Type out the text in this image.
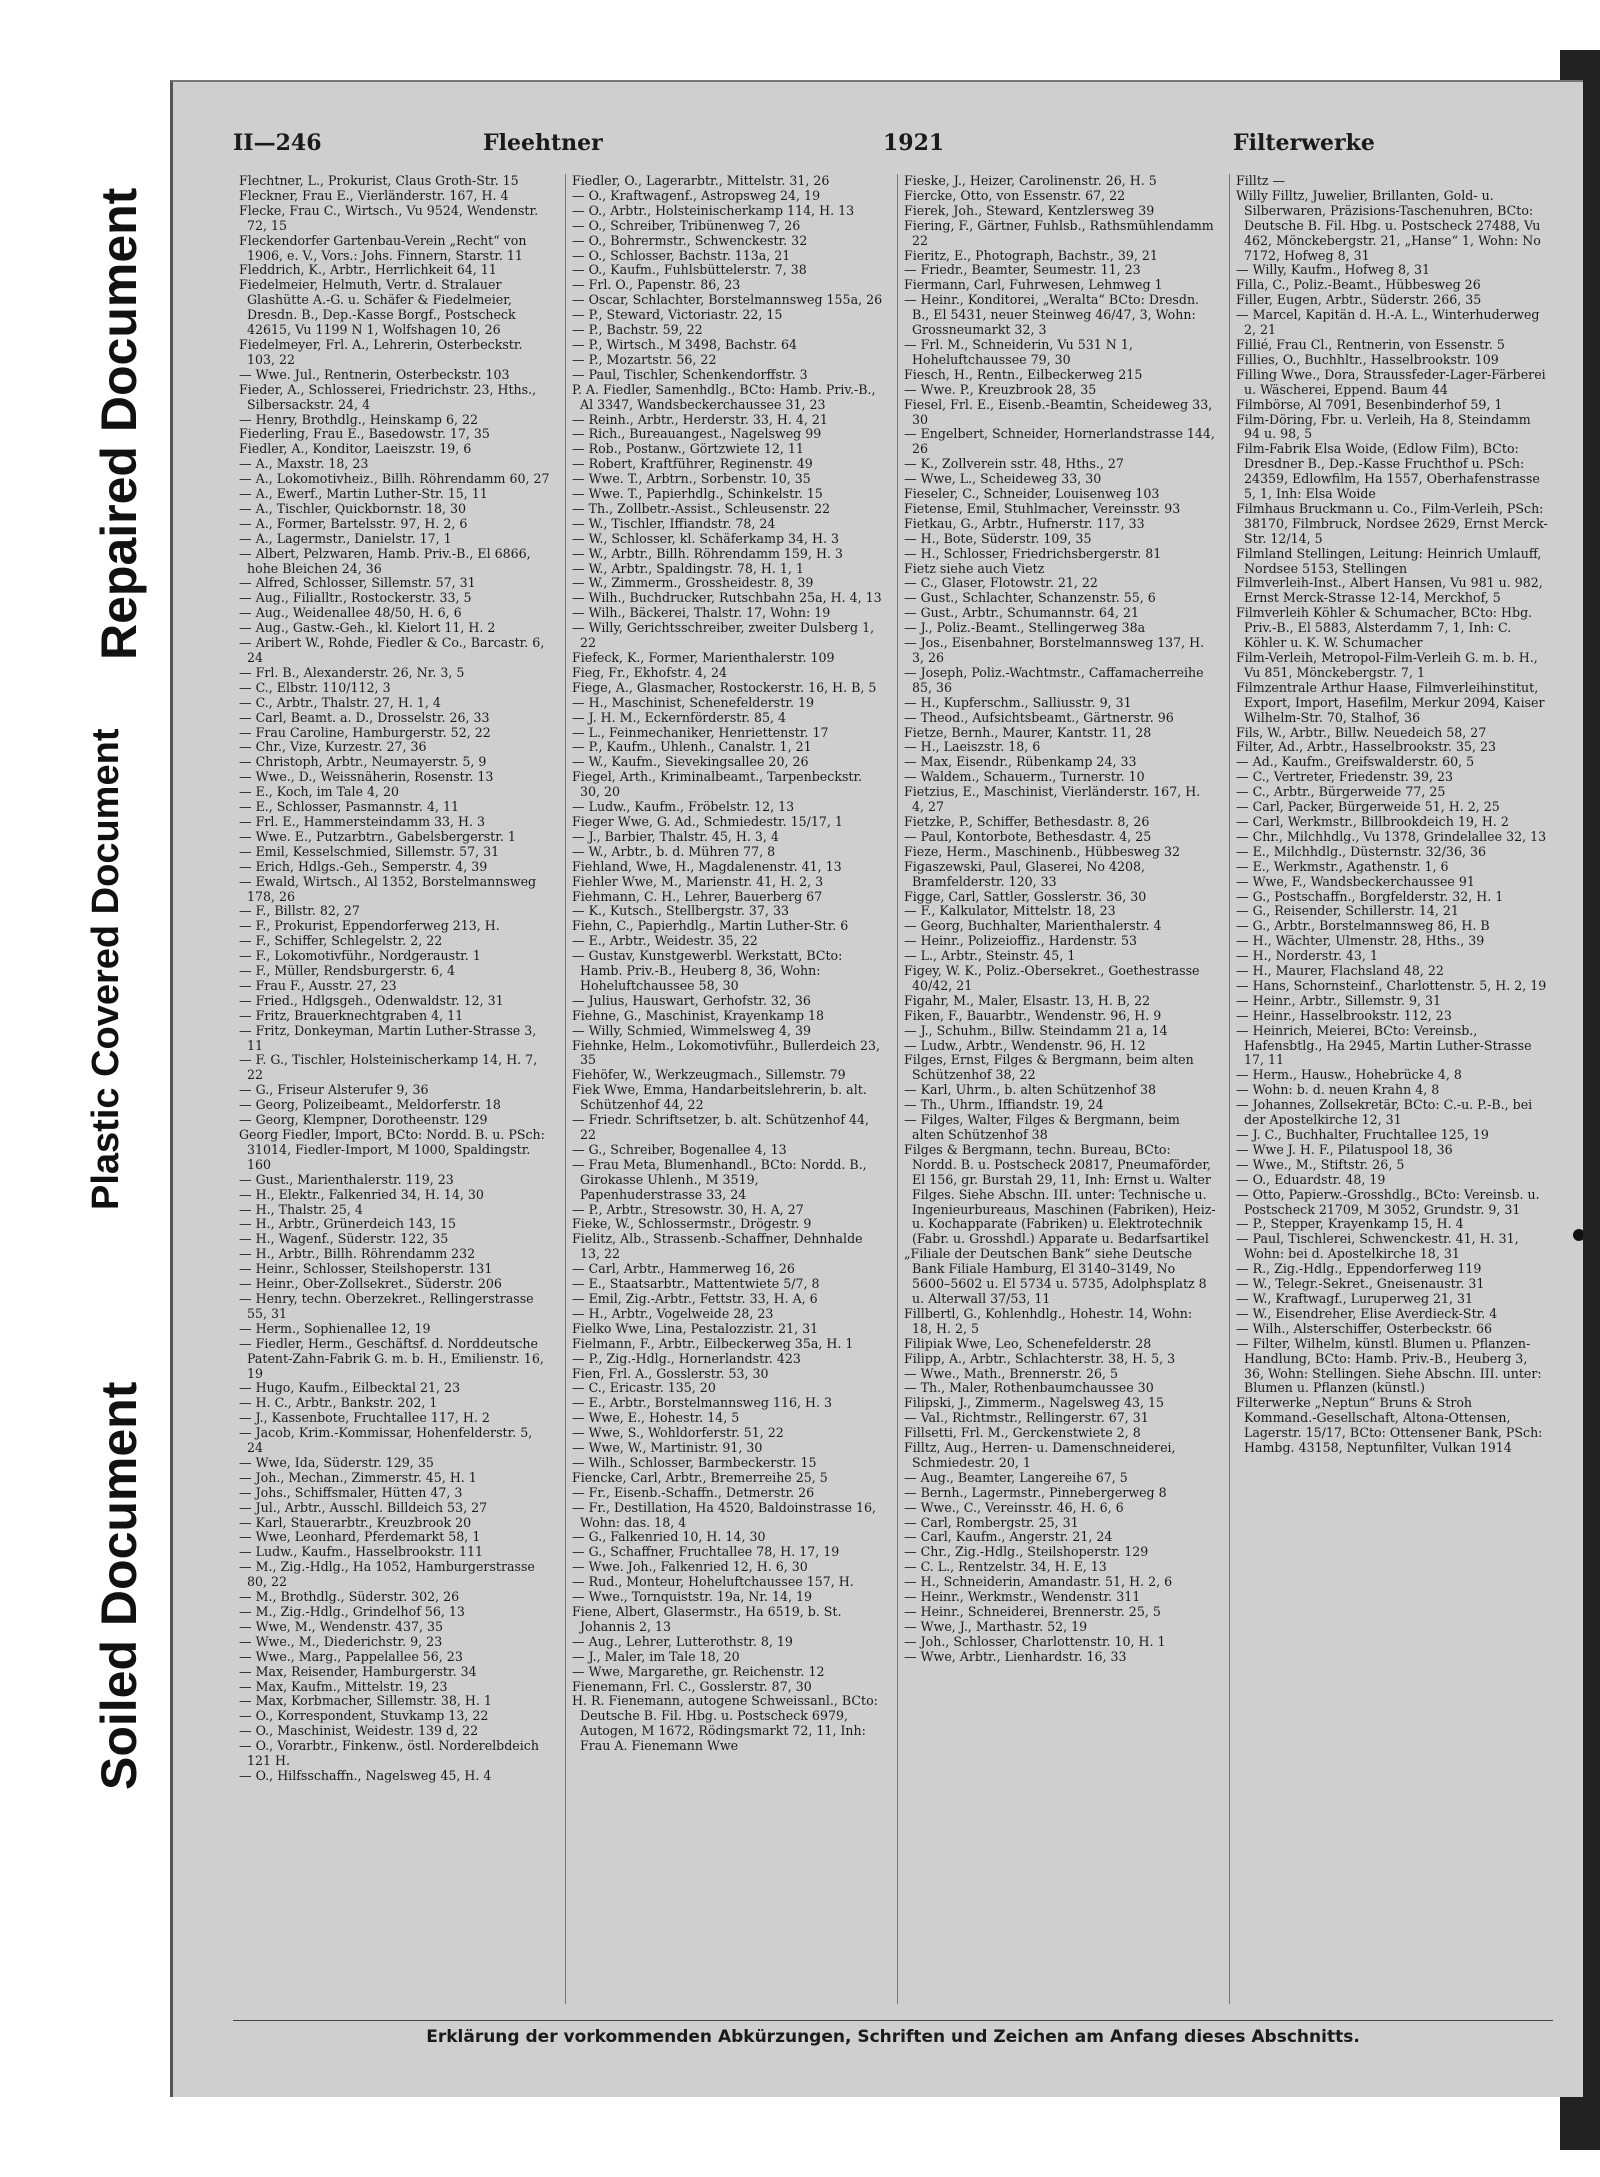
Repaired Document
Plastic Covered Document
Soiled Document
II—246	Fleehtner	1921	Filterwerke
Flechtner, L., Prokurist, Claus Groth-Str. 15
Fleckner, Frau E., Vierländerstr. 167, H. 4
Flecke, Frau C., Wirtsch., Vu 9524, Wendenstr. 72, 15
Fleckendorfer Gartenbau-Verein „Recht“ von 1906, e. V., Vors.: Johs. Finnern, Starstr. 11
Fleddrich, K., Arbtr., Herrlichkeit 64, 11
Fiedelmeier, Helmuth, Vertr. d. Stralauer Glashütte A.-G. u. Schäfer & Fiedelmeier, Dresdn. B., Dep.-Kasse Borgf., Postscheck 42615, Vu 1199 N 1, Wolfshagen 10, 26
Fiedelmeyer, Frl. A., Lehrerin, Osterbeckstr. 103, 22
— Wwe. Jul., Rentnerin, Osterbeckstr. 103
Fieder, A., Schlosserei, Friedrichstr. 23, Hths., Silbersackstr. 24, 4
— Henry, Brothdlg., Heinskamp 6, 22
Fiederling, Frau E., Basedowstr. 17, 35
Fiedler, A., Konditor, Laeiszstr. 19, 6
— A., Maxstr. 18, 23
— A., Lokomotivheiz., Billh. Röhrendamm 60, 27
— A., Ewerf., Martin Luther-Str. 15, 11
— A., Tischler, Quickbornstr. 18, 30
— A., Former, Bartelsstr. 97, H. 2, 6
— A., Lagermstr., Danielstr. 17, 1
— Albert, Pelzwaren, Hamb. Priv.-B., El 6866, hohe Bleichen 24, 36
— Alfred, Schlosser, Sillemstr. 57, 31
— Aug., Filialltr., Rostockerstr. 33, 5
— Aug., Weidenallee 48/50, H. 6, 6
— Aug., Gastw.-Geh., kl. Kielort 11, H. 2
— Aribert W., Rohde, Fiedler & Co., Barcastr. 6, 24
— Frl. B., Alexanderstr. 26, Nr. 3, 5
— C., Elbstr. 110/112, 3
— C., Arbtr., Thalstr. 27, H. 1, 4
— Carl, Beamt. a. D., Drosselstr. 26, 33
— Frau Caroline, Hamburgerstr. 52, 22
— Chr., Vize, Kurzestr. 27, 36
— Christoph, Arbtr., Neumayerstr. 5, 9
— Wwe., D., Weissnäherin, Rosenstr. 13
— E., Koch, im Tale 4, 20
— E., Schlosser, Pasmannstr. 4, 11
— Frl. E., Hammersteindamm 33, H. 3
— Wwe. E., Putzarbtrn., Gabelsbergerstr. 1
— Emil, Kesselschmied, Sillemstr. 57, 31
— Erich, Hdlgs.-Geh., Semperstr. 4, 39
— Ewald, Wirtsch., Al 1352, Borstelmannsweg 178, 26
— F., Billstr. 82, 27
— F., Prokurist, Eppendorferweg 213, H.
— F., Schiffer, Schlegelstr. 2, 22
— F., Lokomotivführ., Nordgeraustr. 1
— F., Müller, Rendsburgerstr. 6, 4
— Frau F., Ausstr. 27, 23
— Fried., Hdlgsgeh., Odenwaldstr. 12, 31
— Fritz, Brauerknechtgraben 4, 11
— Fritz, Donkeyman, Martin Luther-Strasse 3, 11
— F. G., Tischler, Holsteinischerkamp 14, H. 7, 22
— G., Friseur Alsterufer 9, 36
— Georg, Polizeibeamt., Meldorferstr. 18
— Georg, Klempner, Dorotheenstr. 129
Georg Fiedler, Import, BCto: Nordd. B. u. PSch: 31014, Fiedler-Import, M 1000, Spaldingstr. 160
— Gust., Marienthalerstr. 119, 23
— H., Elektr., Falkenried 34, H. 14, 30
— H., Thalstr. 25, 4
— H., Arbtr., Grünerdeich 143, 15
— H., Wagenf., Süderstr. 122, 35
— H., Arbtr., Billh. Röhrendamm 232
— Heinr., Schlosser, Steilshoperstr. 131
— Heinr., Ober-Zollsekret., Süderstr. 206
— Henry, techn. Oberzekret., Rellingerstrasse 55, 31
— Herm., Sophienallee 12, 19
— Fiedler, Herm., Geschäftsf. d. Norddeutsche Patent-Zahn-Fabrik G. m. b. H., Emilienstr. 16, 19
— Hugo, Kaufm., Eilbecktal 21, 23
— H. C., Arbtr., Bankstr. 202, 1
— J., Kassenbote, Fruchtallee 117, H. 2
— Jacob, Krim.-Kommissar, Hohenfelderstr. 5, 24
— Wwe, Ida, Süderstr. 129, 35
— Joh., Mechan., Zimmerstr. 45, H. 1
— Johs., Schiffsmaler, Hütten 47, 3
— Jul., Arbtr., Ausschl. Billdeich 53, 27
— Karl, Stauerarbtr., Kreuzbrook 20
— Wwe, Leonhard, Pferdemarkt 58, 1
— Ludw., Kaufm., Hasselbrookstr. 111
— M., Zig.-Hdlg., Ha 1052, Hamburgerstrasse 80, 22
— M., Brothdlg., Süderstr. 302, 26
— M., Zig.-Hdlg., Grindelhof 56, 13
— Wwe, M., Wendenstr. 437, 35
— Wwe., M., Diederichstr. 9, 23
— Wwe., Marg., Pappelallee 56, 23
— Max, Reisender, Hamburgerstr. 34
— Max, Kaufm., Mittelstr. 19, 23
— Max, Korbmacher, Sillemstr. 38, H. 1
— O., Korrespondent, Stuvkamp 13, 22
— O., Maschinist, Weidestr. 139 d, 22
— O., Vorarbtr., Finkenw., östl. Norderelbdeich 121 H.
— O., Hilfsschaffn., Nagelsweg 45, H. 4
Fiedler, O., Lagerarbtr., Mittelstr. 31, 26
— O., Kraftwagenf., Astropsweg 24, 19
— O., Arbtr., Holsteinischerkamp 114, H. 13
— O., Schreiber, Tribünenweg 7, 26
— O., Bohrermstr., Schwenckestr. 32
— O., Schlosser, Bachstr. 113a, 21
— O., Kaufm., Fuhlsbüttelerstr. 7, 38
— Frl. O., Papenstr. 86, 23
— Oscar, Schlachter, Borstelmannsweg 155a, 26
— P., Steward, Victoriastr. 22, 15
— P., Bachstr. 59, 22
— P., Wirtsch., M 3498, Bachstr. 64
— P., Mozartstr. 56, 22
— Paul, Tischler, Schenkendorffstr. 3
P. A. Fiedler, Samenhdlg., BCto: Hamb. Priv.-B., Al 3347, Wandsbeckerchaussee 31, 23
— Reinh., Arbtr., Herderstr. 33, H. 4, 21
— Rich., Bureauangest., Nagelsweg 99
— Rob., Postanw., Görtzwiete 12, 11
— Robert, Kraftführer, Reginenstr. 49
— Wwe. T., Arbtrn., Sorbenstr. 10, 35
— Wwe. T., Papierhdlg., Schinkelstr. 15
— Th., Zollbetr.-Assist., Schleusenstr. 22
— W., Tischler, Iffiandstr. 78, 24
— W., Schlosser, kl. Schäferkamp 34, H. 3
— W., Arbtr., Billh. Röhrendamm 159, H. 3
— W., Arbtr., Spaldingstr. 78, H. 1, 1
— W., Zimmerm., Grossheidestr. 8, 39
— Wilh., Buchdrucker, Rutschbahn 25a, H. 4, 13
— Wilh., Bäckerei, Thalstr. 17, Wohn: 19
— Willy, Gerichtsschreiber, zweiter Dulsberg 1, 22
Fiefeck, K., Former, Marienthalerstr. 109
Fieg, Fr., Ekhofstr. 4, 24
Fiege, A., Glasmacher, Rostockerstr. 16, H. B, 5
— H., Maschinist, Schenefelderstr. 19
— J. H. M., Eckernförderstr. 85, 4
— L., Feinmechaniker, Henriettenstr. 17
— P., Kaufm., Uhlenh., Canalstr. 1, 21
— W., Kaufm., Sievekingsallee 20, 26
Fiegel, Arth., Kriminalbeamt., Tarpenbeckstr. 30, 20
— Ludw., Kaufm., Fröbelstr. 12, 13
Fieger Wwe, G. Ad., Schmiedestr. 15/17, 1
— J., Barbier, Thalstr. 45, H. 3, 4
— W., Arbtr., b. d. Mühren 77, 8
Fiehland, Wwe, H., Magdalenenstr. 41, 13
Fiehler Wwe, M., Marienstr. 41, H. 2, 3
Fiehmann, C. H., Lehrer, Bauerberg 67
— K., Kutsch., Stellbergstr. 37, 33
Fiehn, C., Papierhdlg., Martin Luther-Str. 6
— E., Arbtr., Weidestr. 35, 22
— Gustav, Kunstgewerbl. Werkstatt, BCto: Hamb. Priv.-B., Heuberg 8, 36, Wohn: Hoheluftchaussee 58, 30
— Julius, Hauswart, Gerhofstr. 32, 36
Fiehne, G., Maschinist, Krayenkamp 18
— Willy, Schmied, Wimmelsweg 4, 39
Fiehnke, Helm., Lokomotivführ., Bullerdeich 23, 35
Fiehöfer, W., Werkzeugmach., Sillemstr. 79
Fiek Wwe, Emma, Handarbeitslehrerin, b. alt. Schützenhof 44, 22
— Friedr. Schriftsetzer, b. alt. Schützenhof 44, 22
— G., Schreiber, Bogenallee 4, 13
— Frau Meta, Blumenhandl., BCto: Nordd. B., Girokasse Uhlenh., M 3519, Papenhuderstrasse 33, 24
— P., Arbtr., Stresowstr. 30, H. A, 27
Fieke, W., Schlossermstr., Drögestr. 9
Fielitz, Alb., Strassenb.-Schaffner, Dehnhalde 13, 22
— Carl, Arbtr., Hammerweg 16, 26
— E., Staatsarbtr., Mattentwiete 5/7, 8
— Emil, Zig.-Arbtr., Fettstr. 33, H. A, 6
— H., Arbtr., Vogelweide 28, 23
Fielko Wwe, Lina, Pestalozzistr. 21, 31
Fielmann, F., Arbtr., Eilbeckerweg 35a, H. 1
— P., Zig.-Hdlg., Hornerlandstr. 423
Fien, Frl. A., Gosslerstr. 53, 30
— C., Ericastr. 135, 20
— E., Arbtr., Borstelmannsweg 116, H. 3
— Wwe, E., Hohestr. 14, 5
— Wwe, S., Wohldorferstr. 51, 22
— Wwe, W., Martinistr. 91, 30
— Wilh., Schlosser, Barmbeckerstr. 15
Fiencke, Carl, Arbtr., Bremerreihe 25, 5
— Fr., Eisenb.-Schaffn., Detmerstr. 26
— Fr., Destillation, Ha 4520, Baldoinstrasse 16, Wohn: das. 18, 4
— G., Falkenried 10, H. 14, 30
— G., Schaffner, Fruchtallee 78, H. 17, 19
— Wwe. Joh., Falkenried 12, H. 6, 30
— Rud., Monteur, Hoheluftchaussee 157, H.
— Wwe., Tornquiststr. 19a, Nr. 14, 19
Fiene, Albert, Glasermstr., Ha 6519, b. St. Johannis 2, 13
— Aug., Lehrer, Lutterothstr. 8, 19
— J., Maler, im Tale 18, 20
— Wwe, Margarethe, gr. Reichenstr. 12
Fienemann, Frl. C., Gosslerstr. 87, 30
H. R. Fienemann, autogene Schweissanl., BCto: Deutsche B. Fil. Hbg. u. Postscheck 6979, Autogen, M 1672, Rödingsmarkt 72, 11, Inh: Frau A. Fienemann Wwe
Fieske, J., Heizer, Carolinenstr. 26, H. 5
Fiercke, Otto, von Essenstr. 67, 22
Fierek, Joh., Steward, Kentzlersweg 39
Fiering, F., Gärtner, Fuhlsb., Rathsmühlendamm 22
Fieritz, E., Photograph, Bachstr., 39, 21
— Friedr., Beamter, Seumestr. 11, 23
Fiermann, Carl, Fuhrwesen, Lehmweg 1
— Heinr., Konditorei, „Weralta“ BCto: Dresdn. B., El 5431, neuer Steinweg 46/47, 3, Wohn: Grossneumarkt 32, 3
— Frl. M., Schneiderin, Vu 531 N 1, Hoheluftchaussee 79, 30
Fiesch, H., Rentn., Eilbeckerweg 215
— Wwe. P., Kreuzbrook 28, 35
Fiesel, Frl. E., Eisenb.-Beamtin, Scheideweg 33, 30
— Engelbert, Schneider, Hornerlandstrasse 144, 26
— K., Zollverein sstr. 48, Hths., 27
— Wwe, L., Scheideweg 33, 30
Fieseler, C., Schneider, Louisenweg 103
Fietense, Emil, Stuhlmacher, Vereinsstr. 93
Fietkau, G., Arbtr., Hufnerstr. 117, 33
— H., Bote, Süderstr. 109, 35
— H., Schlosser, Friedrichsbergerstr. 81
Fietz siehe auch Vietz
— C., Glaser, Flotowstr. 21, 22
— Gust., Schlachter, Schanzenstr. 55, 6
— Gust., Arbtr., Schumannstr. 64, 21
— J., Poliz.-Beamt., Stellingerweg 38a
— Jos., Eisenbahner, Borstelmannsweg 137, H. 3, 26
— Joseph, Poliz.-Wachtmstr., Caffamacherreihe 85, 36
— H., Kupferschm., Salliusstr. 9, 31
— Theod., Aufsichtsbeamt., Gärtnerstr. 96
Fietze, Bernh., Maurer, Kantstr. 11, 28
— H., Laeiszstr. 18, 6
— Max, Eisendr., Rübenkamp 24, 33
— Waldem., Schauerm., Turnerstr. 10
Fietzius, E., Maschinist, Vierländerstr. 167, H. 4, 27
Fietzke, P., Schiffer, Bethesdastr. 8, 26
— Paul, Kontorbote, Bethesdastr. 4, 25
Fieze, Herm., Maschinenb., Hübbesweg 32
Figaszewski, Paul, Glaserei, No 4208, Bramfelderstr. 120, 33
Figge, Carl, Sattler, Gosslerstr. 36, 30
— F., Kalkulator, Mittelstr. 18, 23
— Georg, Buchhalter, Marienthalerstr. 4
— Heinr., Polizeioffiz., Hardenstr. 53
— L., Arbtr., Steinstr. 45, 1
Figey, W. K., Poliz.-Obersekret., Goethestrasse 40/42, 21
Figahr, M., Maler, Elsastr. 13, H. B, 22
Fiken, F., Bauarbtr., Wendenstr. 96, H. 9
— J., Schuhm., Billw. Steindamm 21 a, 14
— Ludw., Arbtr., Wendenstr. 96, H. 12
Filges, Ernst, Filges & Bergmann, beim alten Schützenhof 38, 22
— Karl, Uhrm., b. alten Schützenhof 38
— Th., Uhrm., Iffiandstr. 19, 24
— Filges, Walter, Filges & Bergmann, beim alten Schützenhof 38
Filges & Bergmann, techn. Bureau, BCto: Nordd. B. u. Postscheck 20817, Pneumaförder, El 156, gr. Burstah 29, 11, Inh: Ernst u. Walter Filges. Siehe Abschn. III. unter: Technische u. Ingenieurbureaus, Maschinen (Fabriken), Heiz- u. Kochapparate (Fabriken) u. Elektrotechnik (Fabr. u. Grosshdl.) Apparate u. Bedarfsartikel
„Filiale der Deutschen Bank“ siehe Deutsche Bank Filiale Hamburg, El 3140–3149, No 5600–5602 u. El 5734 u. 5735, Adolphsplatz 8 u. Alterwall 37/53, 11
Fillbertl, G., Kohlenhdlg., Hohestr. 14, Wohn: 18, H. 2, 5
Filipiak Wwe, Leo, Schenefelderstr. 28
Filipp, A., Arbtr., Schlachterstr. 38, H. 5, 3
— Wwe., Math., Brennerstr. 26, 5
— Th., Maler, Rothenbaumchaussee 30
Filipski, J., Zimmerm., Nagelsweg 43, 15
— Val., Richtmstr., Rellingerstr. 67, 31
Fillsetti, Frl. M., Gerckenstwiete 2, 8
Filltz, Aug., Herren- u. Damenschneiderei, Schmiedestr. 20, 1
— Aug., Beamter, Langereihe 67, 5
— Bernh., Lagermstr., Pinnebergerweg 8
— Wwe., C., Vereinsstr. 46, H. 6, 6
— Carl, Rombergstr. 25, 31
— Carl, Kaufm., Angerstr. 21, 24
— Chr., Zig.-Hdlg., Steilshoperstr. 129
— C. L., Rentzelstr. 34, H. E, 13
— H., Schneiderin, Amandastr. 51, H. 2, 6
— Heinr., Werkmstr., Wendenstr. 311
— Heinr., Schneiderei, Brennerstr. 25, 5
— Wwe, J., Marthastr. 52, 19
— Joh., Schlosser, Charlottenstr. 10, H. 1
— Wwe, Arbtr., Lienhardstr. 16, 33
Filltz —
Willy Filltz, Juwelier, Brillanten, Gold- u. Silberwaren, Präzisions-Taschenuhren, BCto: Deutsche B. Fil. Hbg. u. Postscheck 27488, Vu 462, Mönckebergstr. 21, „Hanse“ 1, Wohn: No 7172, Hofweg 8, 31
— Willy, Kaufm., Hofweg 8, 31
Filla, C., Poliz.-Beamt., Hübbesweg 26
Filler, Eugen, Arbtr., Süderstr. 266, 35
— Marcel, Kapitän d. H.-A. L., Winterhuderweg 2, 21
Fillié, Frau Cl., Rentnerin, von Essenstr. 5
Fillies, O., Buchhltr., Hasselbrookstr. 109
Filling Wwe., Dora, Straussfeder-Lager-Färberei u. Wäscherei, Eppend. Baum 44
Filmbörse, Al 7091, Besenbinderhof 59, 1
Film-Döring, Fbr. u. Verleih, Ha 8, Steindamm 94 u. 98, 5
Film-Fabrik Elsa Woide, (Edlow Film), BCto: Dresdner B., Dep.-Kasse Fruchthof u. PSch: 24359, Edlowfilm, Ha 1557, Oberhafenstrasse 5, 1, Inh: Elsa Woide
Filmhaus Bruckmann u. Co., Film-Verleih, PSch: 38170, Filmbruck, Nordsee 2629, Ernst Merck-Str. 12/14, 5
Filmland Stellingen, Leitung: Heinrich Umlauff, Nordsee 5153, Stellingen
Filmverleih-Inst., Albert Hansen, Vu 981 u. 982, Ernst Merck-Strasse 12-14, Merckhof, 5
Filmverleih Köhler & Schumacher, BCto: Hbg. Priv.-B., El 5883, Alsterdamm 7, 1, Inh: C. Köhler u. K. W. Schumacher
Film-Verleih, Metropol-Film-Verleih G. m. b. H., Vu 851, Mönckebergstr. 7, 1
Filmzentrale Arthur Haase, Filmverleihinstitut, Export, Import, Hasefilm, Merkur 2094, Kaiser Wilhelm-Str. 70, Stalhof, 36
Fils, W., Arbtr., Billw. Neuedeich 58, 27
Filter, Ad., Arbtr., Hasselbrookstr. 35, 23
— Ad., Kaufm., Greifswalderstr. 60, 5
— C., Vertreter, Friedenstr. 39, 23
— C., Arbtr., Bürgerweide 77, 25
— Carl, Packer, Bürgerweide 51, H. 2, 25
— Carl, Werkmstr., Billbrookdeich 19, H. 2
— Chr., Milchhdlg., Vu 1378, Grindelallee 32, 13
— E., Milchhdlg., Düsternstr. 32/36, 36
— E., Werkmstr., Agathenstr. 1, 6
— Wwe, F., Wandsbeckerchaussee 91
— G., Postschaffn., Borgfelderstr. 32, H. 1
— G., Reisender, Schillerstr. 14, 21
— G., Arbtr., Borstelmannsweg 86, H. B
— H., Wächter, Ulmenstr. 28, Hths., 39
— H., Norderstr. 43, 1
— H., Maurer, Flachsland 48, 22
— Hans, Schornsteinf., Charlottenstr. 5, H. 2, 19
— Heinr., Arbtr., Sillemstr. 9, 31
— Heinr., Hasselbrookstr. 112, 23
— Heinrich, Meierei, BCto: Vereinsb., Hafensbtlg., Ha 2945, Martin Luther-Strasse 17, 11
— Herm., Hausw., Hohebrücke 4, 8
— Wohn: b. d. neuen Krahn 4, 8
— Johannes, Zollsekretär, BCto: C.-u. P.-B., bei der Apostelkirche 12, 31
— J. C., Buchhalter, Fruchtallee 125, 19
— Wwe J. H. F., Pilatuspool 18, 36
— Wwe., M., Stiftstr. 26, 5
— O., Eduardstr. 48, 19
— Otto, Papierw.-Grosshdlg., BCto: Vereinsb. u. Postscheck 21709, M 3052, Grundstr. 9, 31
— P., Stepper, Krayenkamp 15, H. 4
— Paul, Tischlerei, Schwenckestr. 41, H. 31, Wohn: bei d. Apostelkirche 18, 31
— R., Zig.-Hdlg., Eppendorferweg 119
— W., Telegr.-Sekret., Gneisenaustr. 31
— W., Kraftwagf., Luruperweg 21, 31
— W., Eisendreher, Elise Averdieck-Str. 4
— Wilh., Alsterschiffer, Osterbeckstr. 66
— Filter, Wilhelm, künstl. Blumen u. Pflanzen-Handlung, BCto: Hamb. Priv.-B., Heuberg 3, 36, Wohn: Stellingen. Siehe Abschn. III. unter: Blumen u. Pflanzen (künstl.)
Filterwerke „Neptun“ Bruns & Stroh Kommand.-Gesellschaft, Altona-Ottensen, Lagerstr. 15/17, BCto: Ottensener Bank, PSch: Hambg. 43158, Neptunfilter, Vulkan 1914
Erklärung der vorkommenden Abkürzungen, Schriften und Zeichen am Anfang dieses Abschnitts.
